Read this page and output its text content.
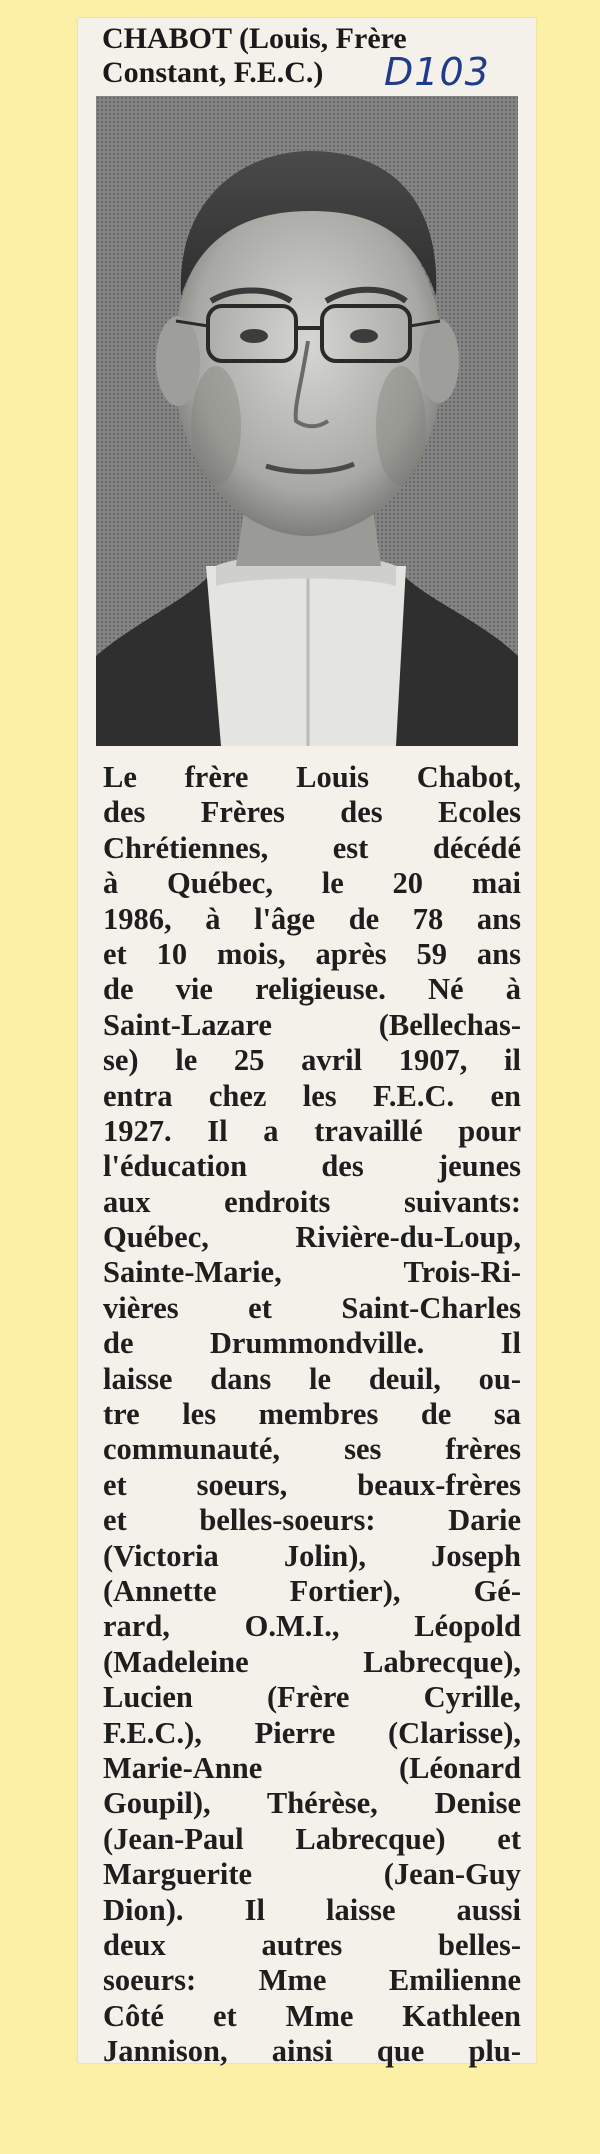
CHABOT (Louis, Frère
Constant, F.E.C.)	D103
Le frère Louis Chabot,
des Frères des Ecoles
Chrétiennes, est décédé
à Québec, le 20 mai
1986, à l'âge de 78 ans
et 10 mois, après 59 ans
de vie religieuse. Né à
Saint-Lazare (Bellechas-
se) le 25 avril 1907, il
entra chez les F.E.C. en
1927. Il a travaillé pour
l'éducation des jeunes
aux endroits suivants:
Québec, Rivière-du-Loup,
Sainte-Marie, Trois-Ri-
vières et Saint-Charles
de Drummondville. Il
laisse dans le deuil, ou-
tre les membres de sa
communauté, ses frères
et soeurs, beaux-frères
et belles-soeurs: Darie
(Victoria Jolin), Joseph
(Annette Fortier), Gé-
rard, O.M.I., Léopold
(Madeleine Labrecque),
Lucien (Frère Cyrille,
F.E.C.), Pierre (Clarisse),
Marie-Anne (Léonard
Goupil), Thérèse, Denise
(Jean-Paul Labrecque) et
Marguerite (Jean-Guy
Dion). Il laisse aussi
deux autres belles-
soeurs: Mme Emilienne
Côté et Mme Kathleen
Jannison, ainsi que plu-
